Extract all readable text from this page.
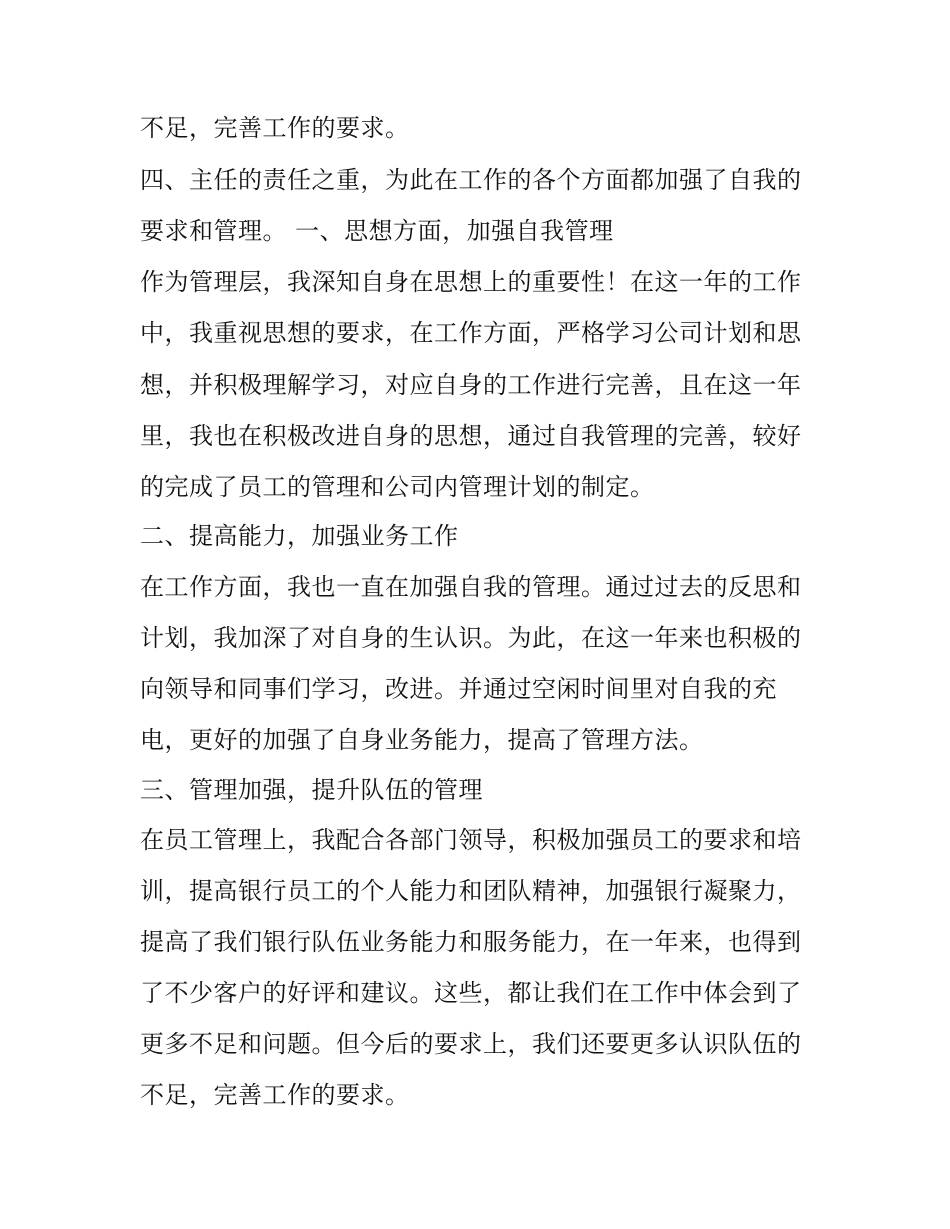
不足，完善工作的要求。
四、主任的责任之重，为此在工作的各个方面都加强了自我的
要求和管理。 一、思想方面，加强自我管理
作为管理层，我深知自身在思想上的重要性！在这一年的工作
中，我重视思想的要求，在工作方面，严格学习公司计划和思
想，并积极理解学习，对应自身的工作进行完善，且在这一年
里，我也在积极改进自身的思想，通过自我管理的完善，较好
的完成了员工的管理和公司内管理计划的制定。
二、提高能力，加强业务工作
在工作方面，我也一直在加强自我的管理。通过过去的反思和
计划，我加深了对自身的生认识。为此，在这一年来也积极的
向领导和同事们学习，改进。并通过空闲时间里对自我的充
电，更好的加强了自身业务能力，提高了管理方法。
三、管理加强，提升队伍的管理
在员工管理上，我配合各部门领导，积极加强员工的要求和培
训，提高银行员工的个人能力和团队精神，加强银行凝聚力，
提高了我们银行队伍业务能力和服务能力，在一年来，也得到
了不少客户的好评和建议。这些，都让我们在工作中体会到了
更多不足和问题。但今后的要求上，我们还要更多认识队伍的
不足，完善工作的要求。
